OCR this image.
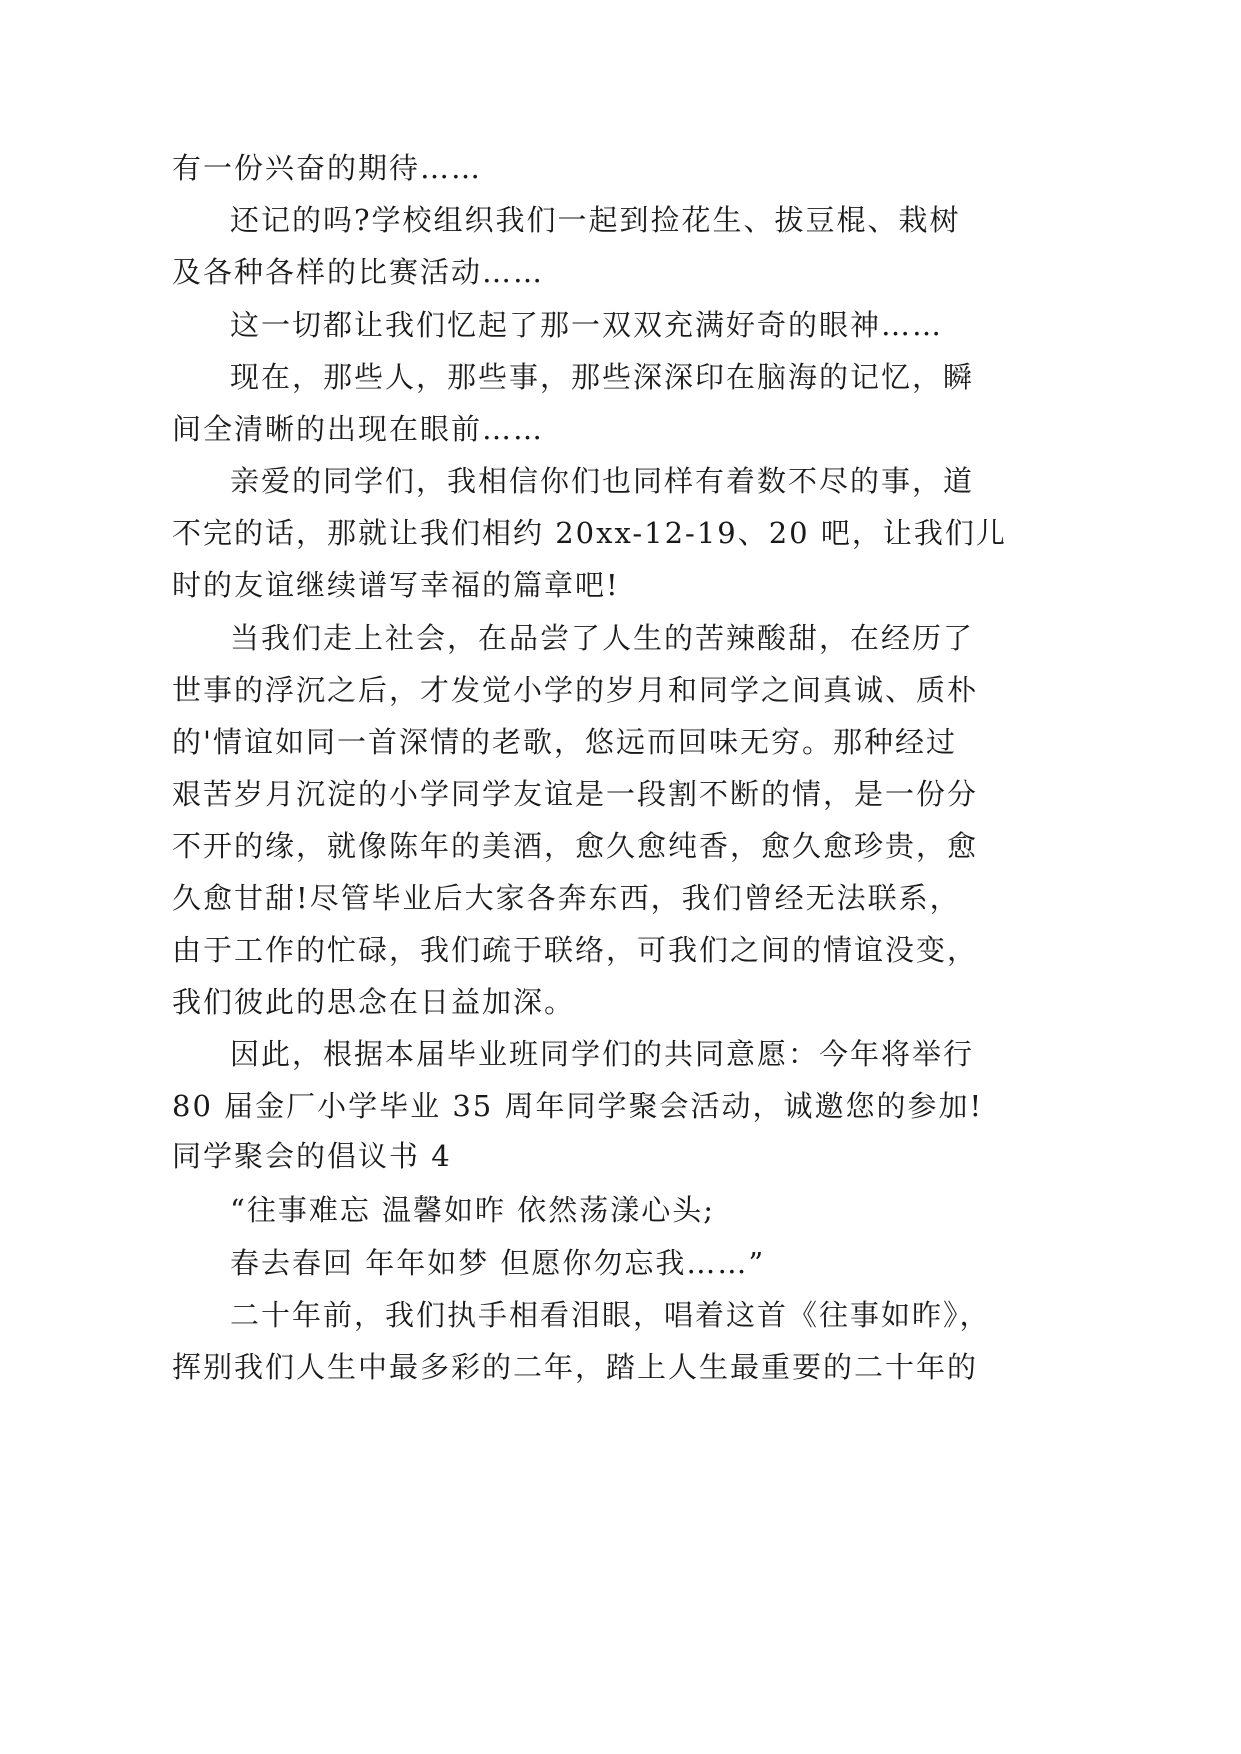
有一份兴奋的期待……
还记的吗?学校组织我们一起到捡花生、拔豆棍、栽树
及各种各样的比赛活动……
这一切都让我们忆起了那一双双充满好奇的眼神……
现在，那些人，那些事，那些深深印在脑海的记忆，瞬
间全清晰的出现在眼前……
亲爱的同学们，我相信你们也同样有着数不尽的事，道
不完的话，那就让我们相约 20xx-12-19、20 吧，让我们儿
时的友谊继续谱写幸福的篇章吧!
当我们走上社会，在品尝了人生的苦辣酸甜，在经历了
世事的浮沉之后，才发觉小学的岁月和同学之间真诚、质朴
的'情谊如同一首深情的老歌，悠远而回味无穷。那种经过
艰苦岁月沉淀的小学同学友谊是一段割不断的情，是一份分
不开的缘，就像陈年的美酒，愈久愈纯香，愈久愈珍贵，愈
久愈甘甜!尽管毕业后大家各奔东西，我们曾经无法联系，
由于工作的忙碌，我们疏于联络，可我们之间的情谊没变，
我们彼此的思念在日益加深。
因此，根据本届毕业班同学们的共同意愿：今年将举行
80 届金厂小学毕业 35 周年同学聚会活动，诚邀您的参加!
同学聚会的倡议书 4
“往事难忘 温馨如昨 依然荡漾心头;
春去春回 年年如梦 但愿你勿忘我……”
二十年前，我们执手相看泪眼，唱着这首《往事如昨》，
挥别我们人生中最多彩的二年，踏上人生最重要的二十年的
